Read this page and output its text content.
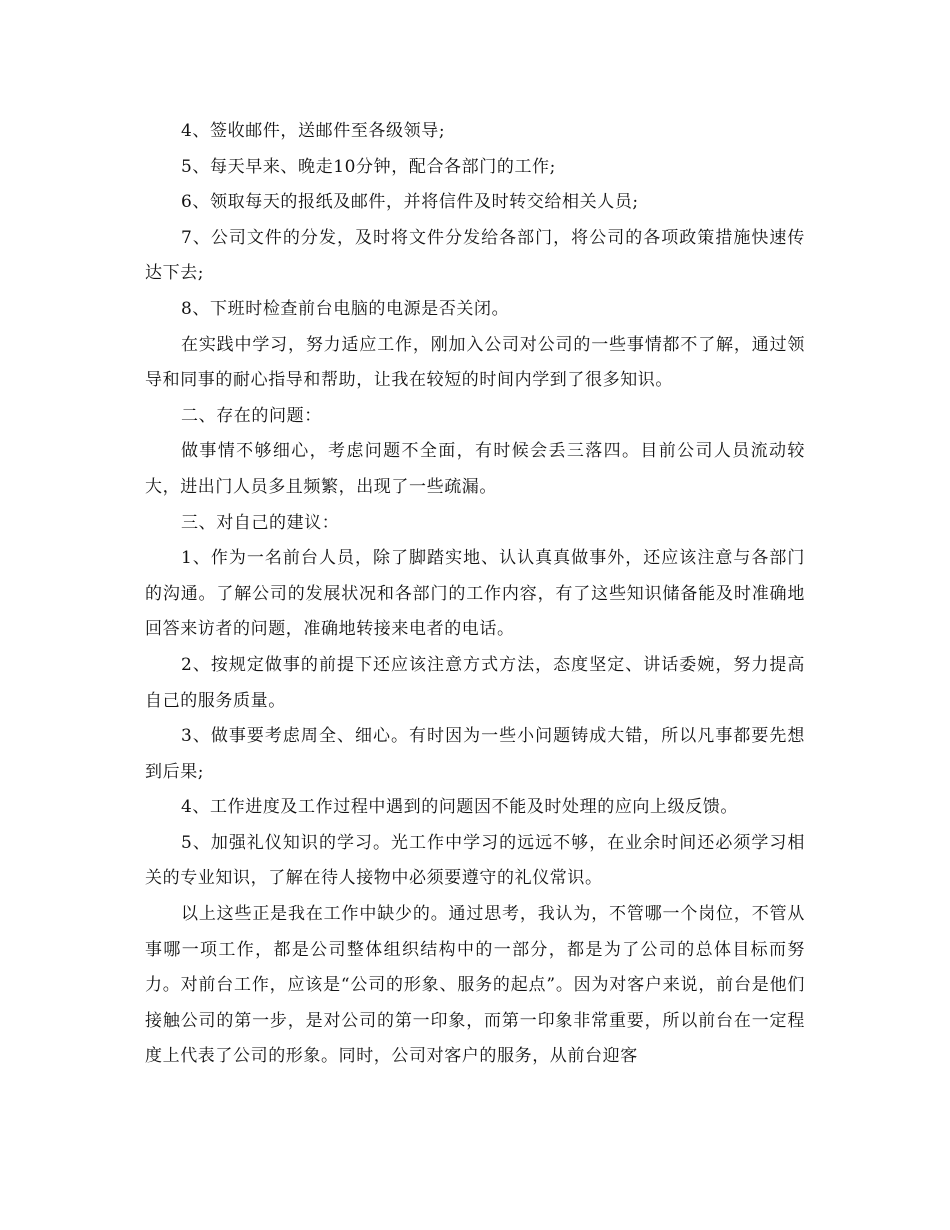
4、签收邮件，送邮件至各级领导;

5、每天早来、晚走10分钟，配合各部门的工作;

6、领取每天的报纸及邮件，并将信件及时转交给相关人员;

7、公司文件的分发，及时将文件分发给各部门，将公司的各项政策措施快速传达下去;

8、下班时检查前台电脑的电源是否关闭。

在实践中学习，努力适应工作，刚加入公司对公司的一些事情都不了解，通过领导和同事的耐心指导和帮助，让我在较短的时间内学到了很多知识。

二、存在的问题：

做事情不够细心，考虑问题不全面，有时候会丢三落四。目前公司人员流动较大，进出门人员多且频繁，出现了一些疏漏。

三、对自己的建议：

1、作为一名前台人员，除了脚踏实地、认认真真做事外，还应该注意与各部门的沟通。了解公司的发展状况和各部门的工作内容，有了这些知识储备能及时准确地回答来访者的问题，准确地转接来电者的电话。

2、按规定做事的前提下还应该注意方式方法，态度坚定、讲话委婉，努力提高自己的服务质量。

3、做事要考虑周全、细心。有时因为一些小问题铸成大错，所以凡事都要先想到后果;

4、工作进度及工作过程中遇到的问题因不能及时处理的应向上级反馈。

5、加强礼仪知识的学习。光工作中学习的远远不够，在业余时间还必须学习相关的专业知识，了解在待人接物中必须要遵守的礼仪常识。

以上这些正是我在工作中缺少的。通过思考，我认为，不管哪一个岗位，不管从事哪一项工作，都是公司整体组织结构中的一部分，都是为了公司的总体目标而努力。对前台工作，应该是“公司的形象、服务的起点”。因为对客户来说，前台是他们接触公司的第一步，是对公司的第一印象，而第一印象非常重要，所以前台在一定程度上代表了公司的形象。同时，公司对客户的服务，从前台迎客
